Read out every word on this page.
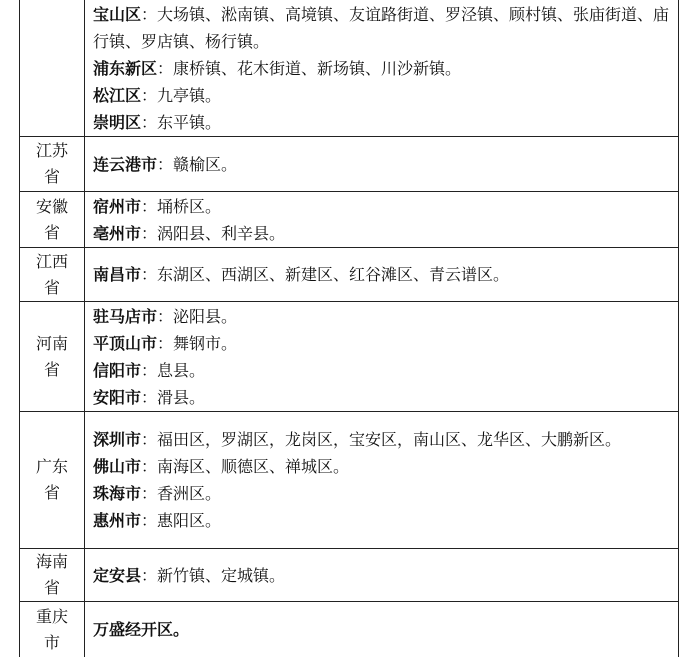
	宝山区：大场镇、淞南镇、高境镇、友谊路街道、罗泾镇、顾村镇、张庙街道、庙行镇、罗店镇、杨行镇。
浦东新区：康桥镇、花木街道、新场镇、川沙新镇。
松江区：九亭镇。
崇明区：东平镇。

江苏省	连云港市：赣榆区。

安徽省	宿州市：埇桥区。
亳州市：涡阳县、利辛县。

江西省	南昌市：东湖区、西湖区、新建区、红谷滩区、青云谱区。

河南省	驻马店市：泌阳县。
平顶山市：舞钢市。
信阳市：息县。
安阳市：滑县。

广东省	深圳市：福田区，罗湖区，龙岗区，宝安区，南山区、龙华区、大鹏新区。
佛山市：南海区、顺德区、禅城区。
珠海市：香洲区。
惠州市：惠阳区。

海南省	定安县：新竹镇、定城镇。

重庆市	万盛经开区。
